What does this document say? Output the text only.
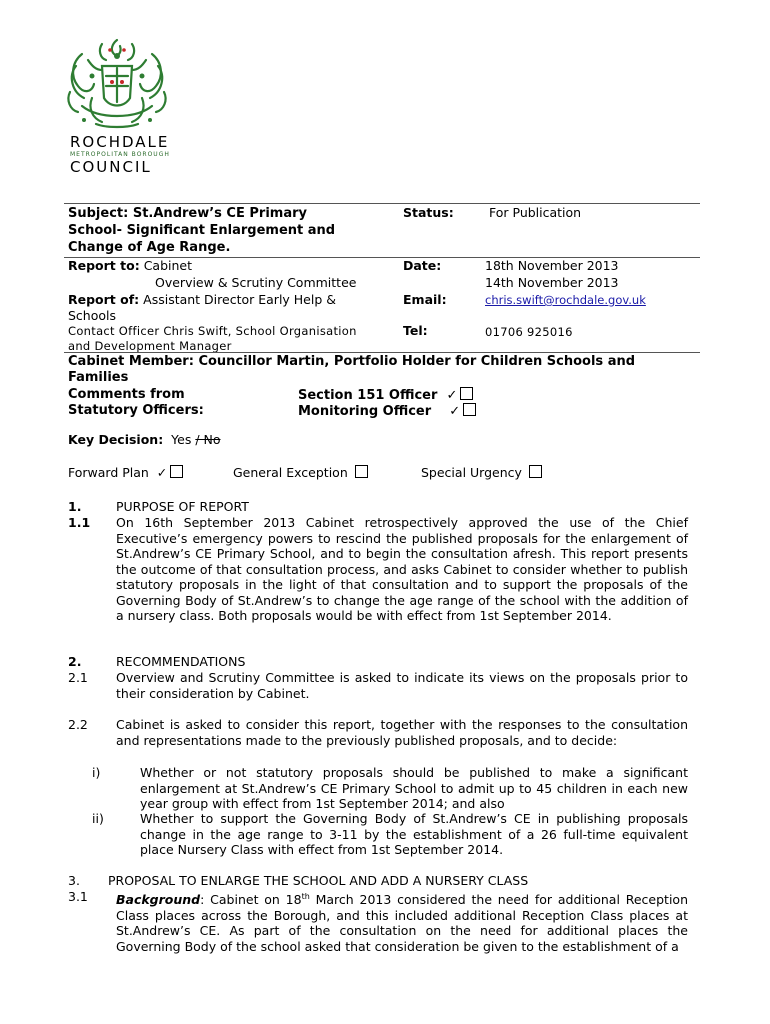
ROCHDALE
METROPOLITAN BOROUGH
COUNCIL
Subject: St.Andrew’s CE Primary
School- Significant Enlargement and
Change of Age Range.
Status:	For Publication
Report to: Cabinet
Overview & Scrutiny Committee
Date:	18th November 2013
14th November 2013
Report of: Assistant Director Early Help &
Schools
Email:	chris.swift@rochdale.gov.uk
Contact Officer Chris Swift, School Organisation
and Development Manager
Tel:	01706 925016
Cabinet Member: Councillor Martin, Portfolio Holder for Children Schools and
Families
Comments from
Statutory Officers:
Section 151 Officer ✓
Monitoring Officer ✓
Key Decision: Yes / No
Forward Plan ✓	General Exception	Special Urgency
1.	PURPOSE OF REPORT
1.1 On 16th September 2013 Cabinet retrospectively approved the use of the Chief Executive’s emergency powers to rescind the published proposals for the enlargement of St.Andrew’s CE Primary School, and to begin the consultation afresh. This report presents the outcome of that consultation process, and asks Cabinet to consider whether to publish statutory proposals in the light of that consultation and to support the proposals of the Governing Body of St.Andrew’s to change the age range of the school with the addition of a nursery class. Both proposals would be with effect from 1st September 2014.
2.	RECOMMENDATIONS
2.1 Overview and Scrutiny Committee is asked to indicate its views on the proposals prior to their consideration by Cabinet.
2.2 Cabinet is asked to consider this report, together with the responses to the consultation and representations made to the previously published proposals, and to decide:
i)	Whether or not statutory proposals should be published to make a significant enlargement at St.Andrew’s CE Primary School to admit up to 45 children in each new year group with effect from 1st September 2014; and also
ii)	Whether to support the Governing Body of St.Andrew’s CE in publishing proposals change in the age range to 3-11 by the establishment of a 26 full-time equivalent place Nursery Class with effect from 1st September 2014.
3. PROPOSAL TO ENLARGE THE SCHOOL AND ADD A NURSERY CLASS
3.1 Background: Cabinet on 18th March 2013 considered the need for additional Reception Class places across the Borough, and this included additional Reception Class places at St.Andrew’s CE. As part of the consultation on the need for additional places the Governing Body of the school asked that consideration be given to the establishment of a
